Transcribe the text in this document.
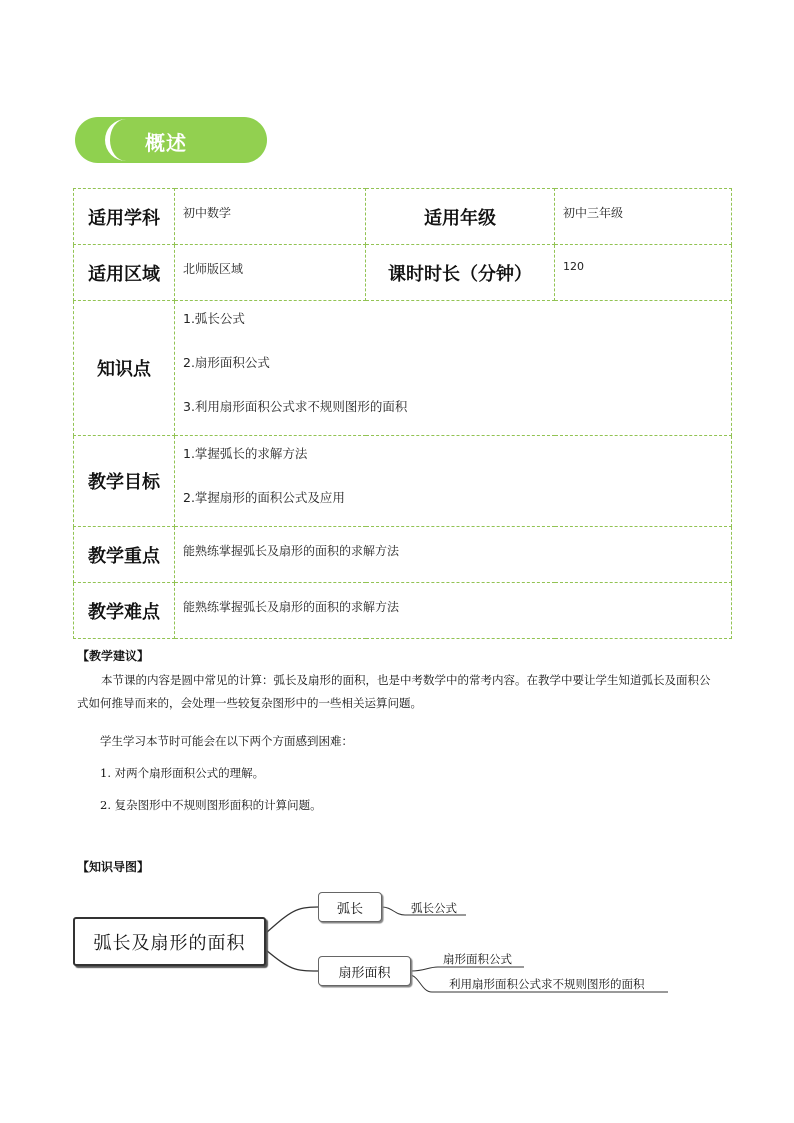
概述
适用学科	初中数学	适用年级	初中三年级
适用区域	北师版区域	课时时长（分钟）	120
知识点	1.弧长公式
2.扇形面积公式
3.利用扇形面积公式求不规则图形的面积		

教学目标	1.掌握弧长的求解方法
2.掌握扇形的面积公式及应用		

教学重点	能熟练掌握弧长及扇形的面积的求解方法		
教学难点	能熟练掌握弧长及扇形的面积的求解方法		
【教学建议】

本节课的内容是圆中常见的计算：弧长及扇形的面积，也是中考数学中的常考内容。在教学中要让学生知道弧长及面积公式如何推导而来的，会处理一些较复杂图形中的一些相关运算问题。

学生学习本节时可能会在以下两个方面感到困难：
1. 对两个扇形面积公式的理解。
2. 复杂图形中不规则图形面积的计算问题。
【知识导图】
弧长及扇形的面积
弧长
扇形面积
弧长公式
扇形面积公式
利用扇形面积公式求不规则图形的面积
